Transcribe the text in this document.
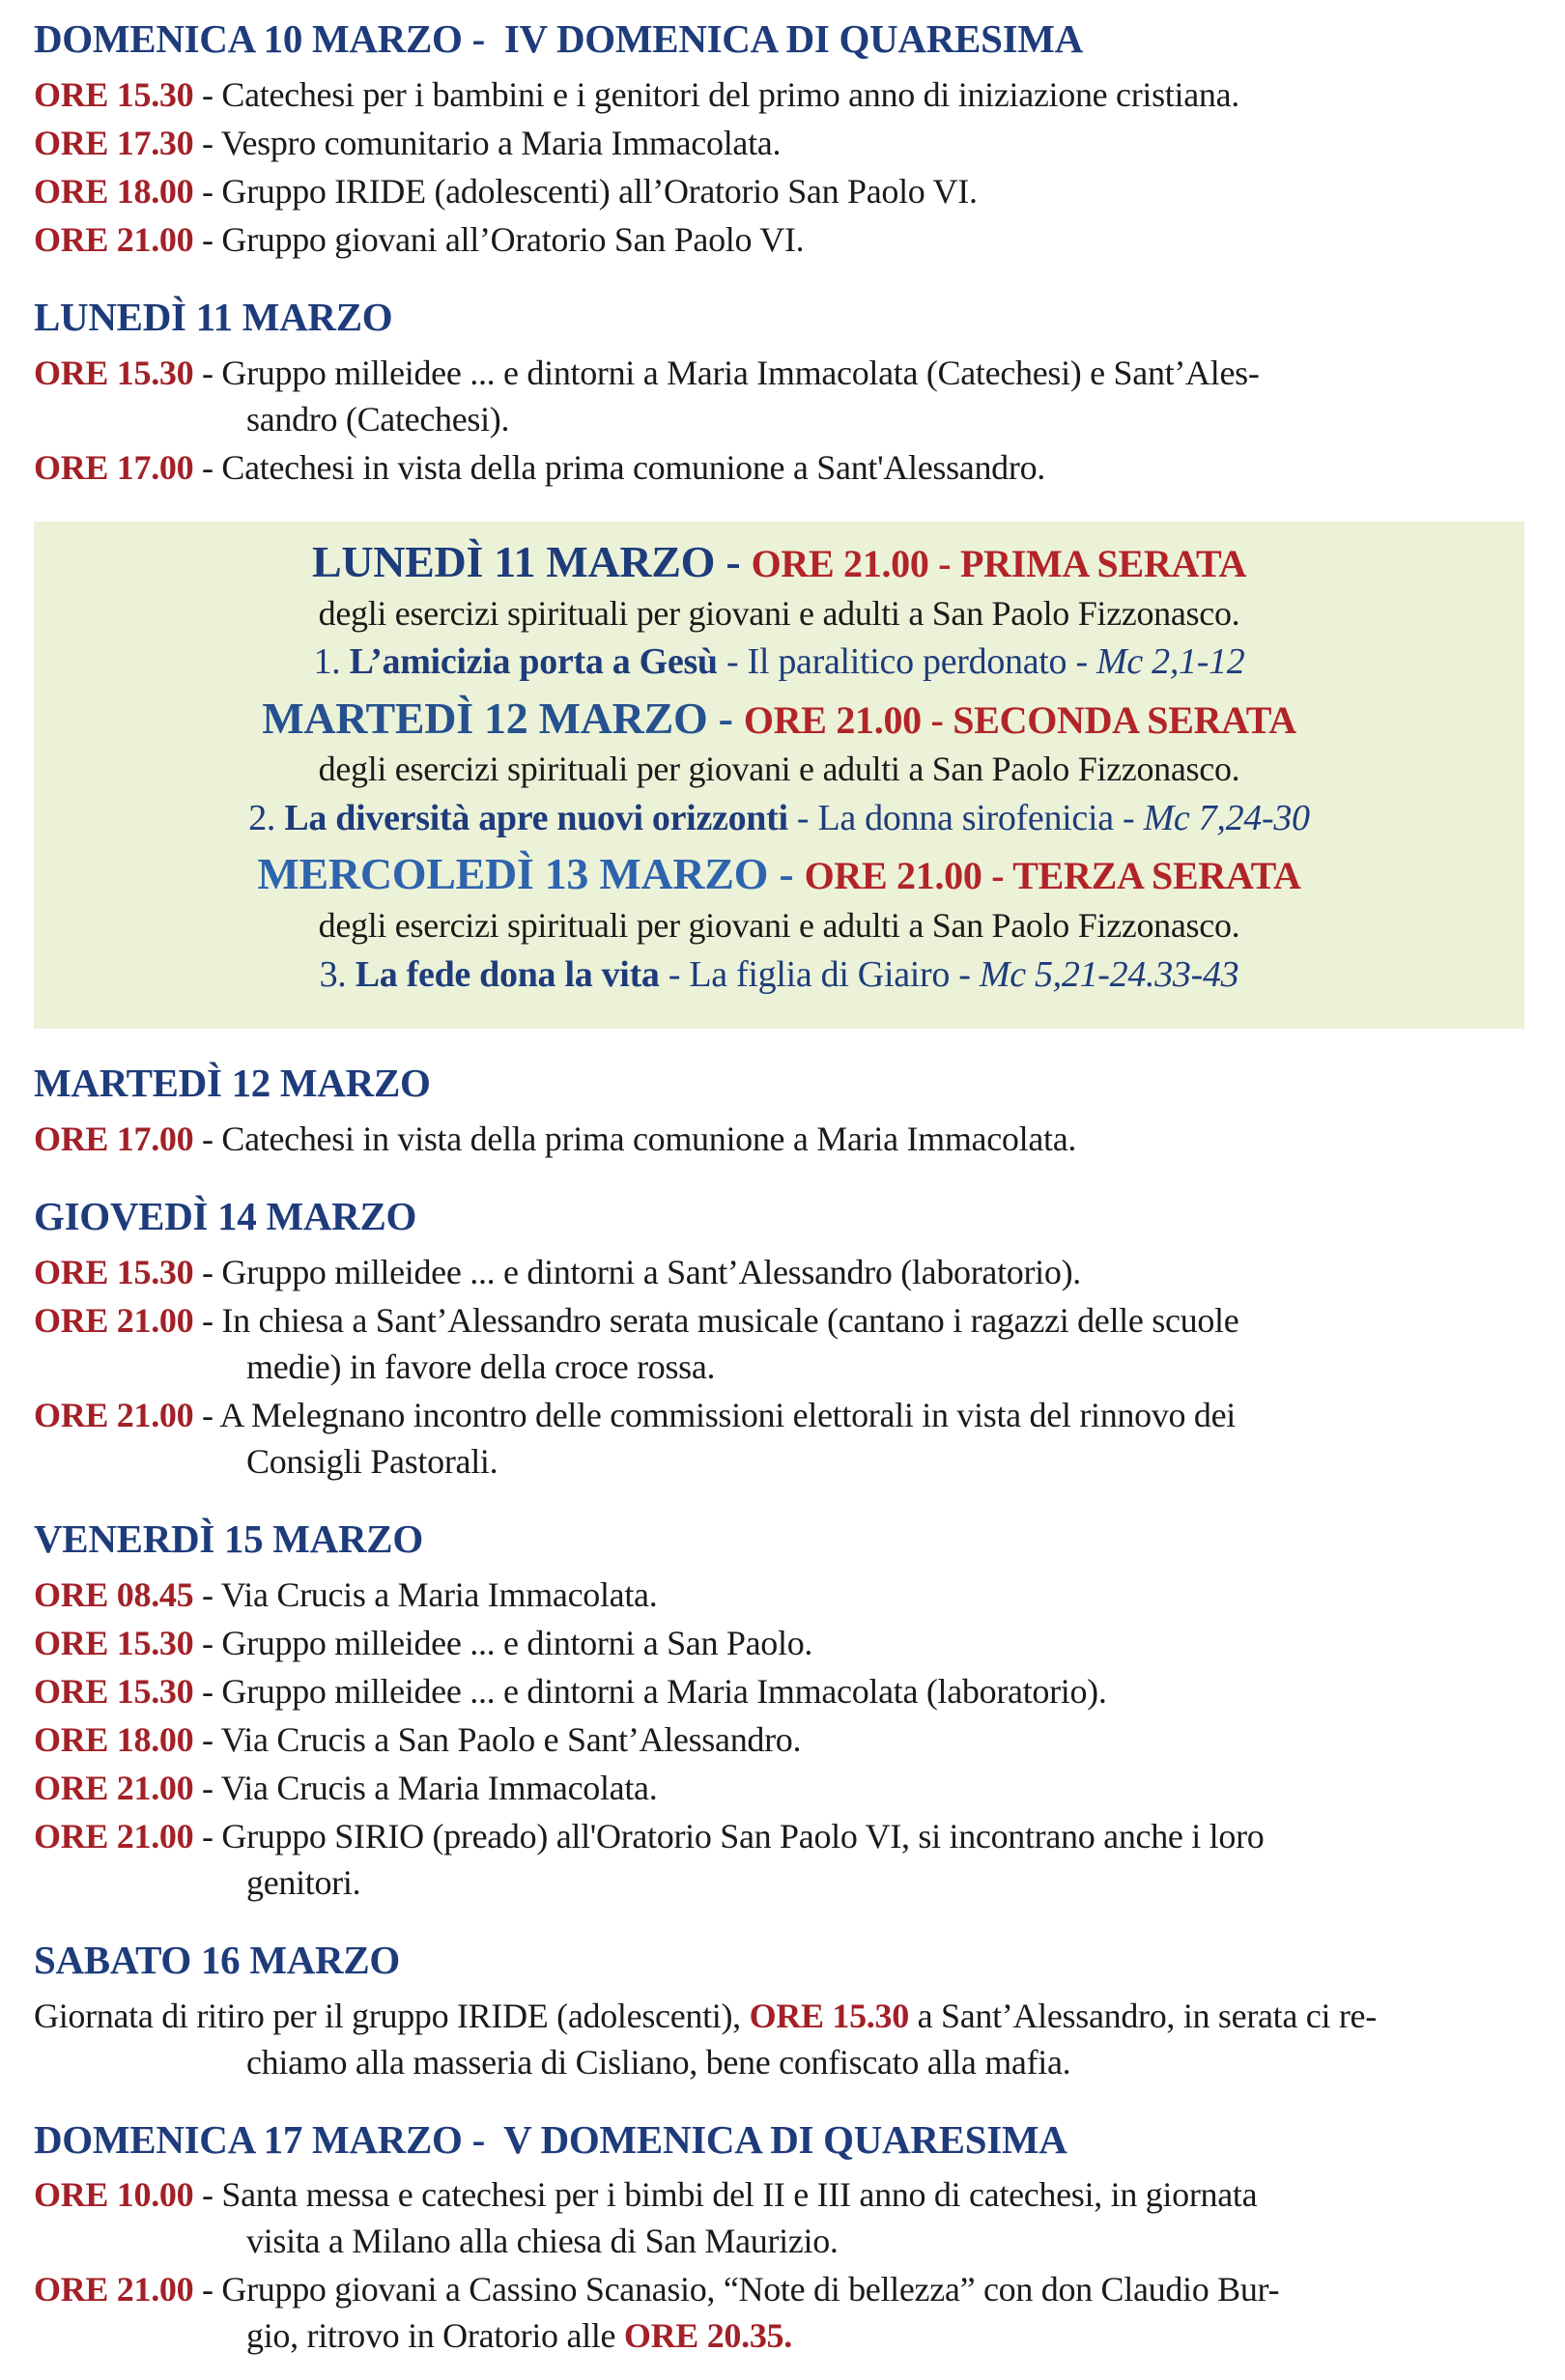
DOMENICA 10 MARZO -  IV DOMENICA DI QUARESIMA

ORE 15.30 - Catechesi per i bambini e i genitori del primo anno di iniziazione cristiana.

ORE 17.30 - Vespro comunitario a Maria Immacolata.

ORE 18.00 - Gruppo IRIDE (adolescenti) all’Oratorio San Paolo VI.

ORE 21.00 - Gruppo giovani all’Oratorio San Paolo VI.

LUNEDÌ 11 MARZO

ORE 15.30 - Gruppo milleidee ... e dintorni a Maria Immacolata (Catechesi) e Sant’Ales-
sandro (Catechesi).

ORE 17.00 - Catechesi in vista della prima comunione a Sant'Alessandro.

LUNEDÌ 11 MARZO - ORE 21.00 - PRIMA SERATA

degli esercizi spirituali per giovani e adulti a San Paolo Fizzonasco.

1. L’amicizia porta a Gesù - Il paralitico perdonato - Mc 2,1-12

MARTEDÌ 12 MARZO - ORE 21.00 - SECONDA SERATA

degli esercizi spirituali per giovani e adulti a San Paolo Fizzonasco.

2. La diversità apre nuovi orizzonti - La donna sirofenicia - Mc 7,24-30

MERCOLEDÌ 13 MARZO - ORE 21.00 - TERZA SERATA

degli esercizi spirituali per giovani e adulti a San Paolo Fizzonasco.

3. La fede dona la vita - La figlia di Giairo - Mc 5,21-24.33-43

MARTEDÌ 12 MARZO

ORE 17.00 - Catechesi in vista della prima comunione a Maria Immacolata.

GIOVEDÌ 14 MARZO

ORE 15.30 - Gruppo milleidee ... e dintorni a Sant’Alessandro (laboratorio).

ORE 21.00 - In chiesa a Sant’Alessandro serata musicale (cantano i ragazzi delle scuole
medie) in favore della croce rossa.

ORE 21.00 - A Melegnano incontro delle commissioni elettorali in vista del rinnovo dei
Consigli Pastorali.

VENERDÌ 15 MARZO

ORE 08.45 - Via Crucis a Maria Immacolata.

ORE 15.30 - Gruppo milleidee ... e dintorni a San Paolo.

ORE 15.30 - Gruppo milleidee ... e dintorni a Maria Immacolata (laboratorio).

ORE 18.00 - Via Crucis a San Paolo e Sant’Alessandro.

ORE 21.00 - Via Crucis a Maria Immacolata.

ORE 21.00 - Gruppo SIRIO (preado) all'Oratorio San Paolo VI, si incontrano anche i loro
genitori.

SABATO 16 MARZO

Giornata di ritiro per il gruppo IRIDE (adolescenti), ORE 15.30 a Sant’Alessandro, in serata ci re-
chiamo alla masseria di Cisliano, bene confiscato alla mafia.

DOMENICA 17 MARZO -  V DOMENICA DI QUARESIMA

ORE 10.00 - Santa messa e catechesi per i bimbi del II e III anno di catechesi, in giornata
visita a Milano alla chiesa di San Maurizio.

ORE 21.00 - Gruppo giovani a Cassino Scanasio, “Note di bellezza” con don Claudio Bur-
gio, ritrovo in Oratorio alle ORE 20.35.
